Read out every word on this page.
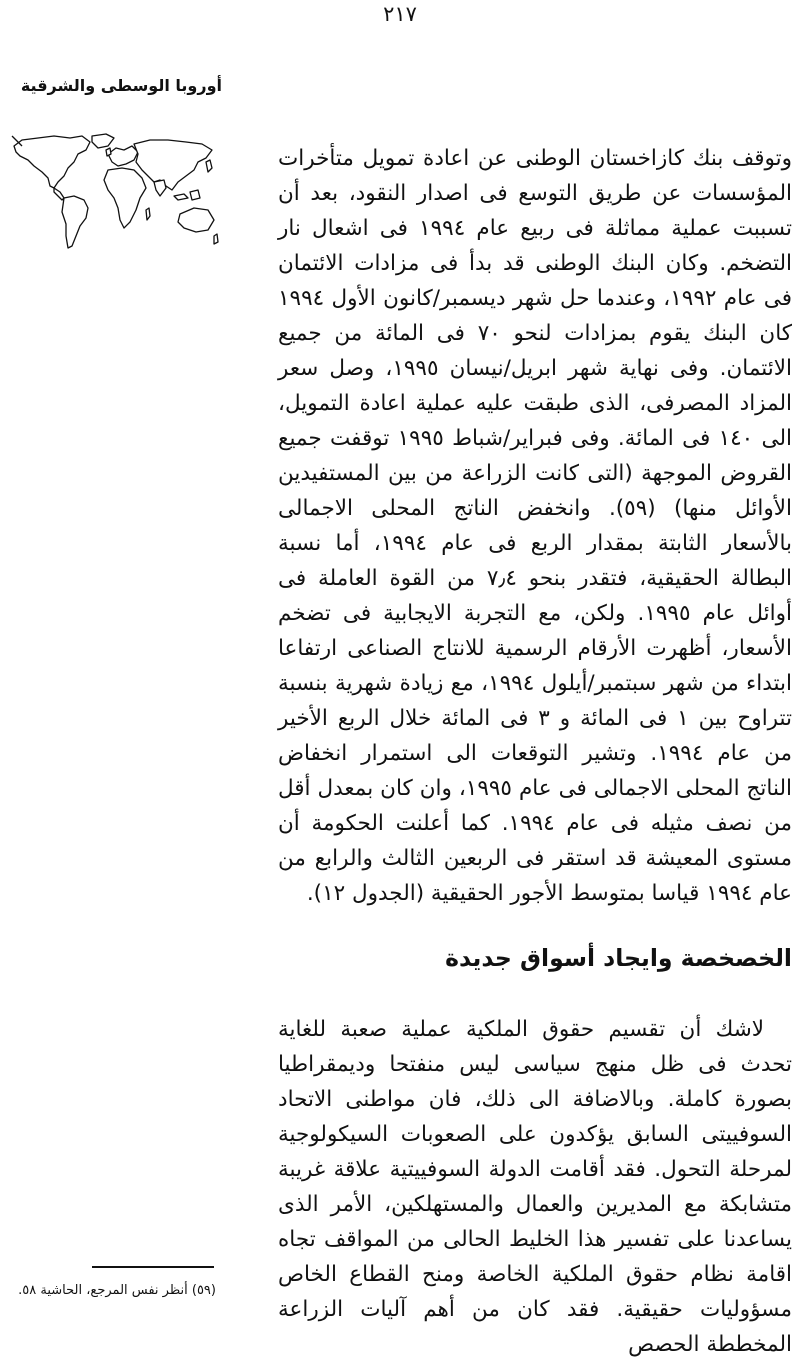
٢١٧
أوروبا الوسطى والشرقية
وتوقف بنك كازاخستان الوطنى عن اعادة تمويل متأخرات المؤسسات عن طريق التوسع فى اصدار النقود، بعد أن تسببت عملية مماثلة فى ربيع عام ١٩٩٤ فى اشعال نار التضخم. وكان البنك الوطنى قد بدأ فى مزادات الائتمان فى عام ١٩٩٢، وعندما حل شهر ديسمبر/كانون الأول ١٩٩٤ كان البنك يقوم بمزادات لنحو ٧٠ فى المائة من جميع الائتمان. وفى نهاية شهر ابريل/نيسان ١٩٩٥، وصل سعر المزاد المصرفى، الذى طبقت عليه عملية اعادة التمويل، الى ١٤٠ فى المائة. وفى فبراير/شباط ١٩٩٥ توقفت جميع القروض الموجهة (التى كانت الزراعة من بين المستفيدين الأوائل منها) (٥٩). وانخفض الناتج المحلى الاجمالى بالأسعار الثابتة بمقدار الربع فى عام ١٩٩٤، أما نسبة البطالة الحقيقية، فتقدر بنحو ٧٫٤ من القوة العاملة فى أوائل عام ١٩٩٥. ولكن، مع التجربة الايجابية فى تضخم الأسعار، أظهرت الأرقام الرسمية للانتاج الصناعى ارتفاعا ابتداء من شهر سبتمبر/أيلول ١٩٩٤، مع زيادة شهرية بنسبة تتراوح بين ١ فى المائة و ٣ فى المائة خلال الربع الأخير من عام ١٩٩٤. وتشير التوقعات الى استمرار انخفاض الناتج المحلى الاجمالى فى عام ١٩٩٥، وان كان بمعدل أقل من نصف مثيله فى عام ١٩٩٤. كما أعلنت الحكومة أن مستوى المعيشة قد استقر فى الربعين الثالث والرابع من عام ١٩٩٤ قياسا بمتوسط الأجور الحقيقية (الجدول ١٢).
الخصخصة وايجاد أسواق جديدة
لاشك أن تقسيم حقوق الملكية عملية صعبة للغاية تحدث فى ظل منهج سياسى ليس منفتحا وديمقراطيا بصورة كاملة. وبالاضافة الى ذلك، فان مواطنى الاتحاد السوفييتى السابق يؤكدون على الصعوبات السيكولوجية لمرحلة التحول. فقد أقامت الدولة السوفييتية علاقة غريبة متشابكة مع المديرين والعمال والمستهلكين، الأمر الذى يساعدنا على تفسير هذا الخليط الحالى من المواقف تجاه اقامة نظام حقوق الملكية الخاصة ومنح القطاع الخاص مسؤوليات حقيقية. فقد كان من أهم آليات الزراعة المخططة الحصص
(٥٩) أنظر نفس المرجع، الحاشية ٥٨.
